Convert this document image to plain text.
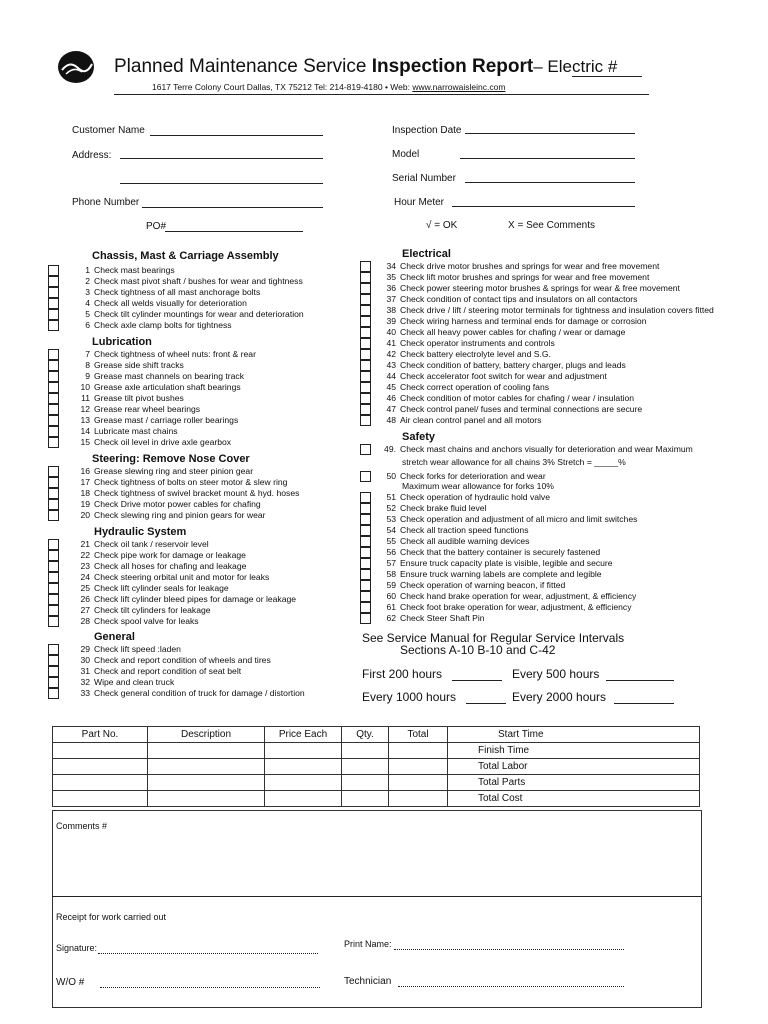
Planned Maintenance Service Inspection Report– Electric #
1617 Terre Colony Court Dallas, TX 75212 Tel: 214-819-4180 • Web: www.narrowaisleinc.com
Customer Name
Address:
Phone Number
PO#
Inspection Date
Model
Serial Number
Hour Meter
√ = OK	X = See Comments
Chassis, Mast & Carriage Assembly
Lubrication
Steering: Remove Nose Cover
Hydraulic System
General
Electrical
Safety
1 Check mast bearings
2 Check mast pivot shaft / bushes for wear and tightness
3 Check tightness of all mast anchorage bolts
4 Check all welds visually for deterioration
5 Check tilt cylinder mountings for wear and deterioration
6 Check axle clamp bolts for tightness
7 Check tightness of wheel nuts: front & rear
8 Grease side shift tracks
9 Grease mast channels on bearing track
10 Grease axle articulation shaft bearings
11 Grease tilt pivot bushes
12 Grease rear wheel bearings
13 Grease mast / carriage roller bearings
14 Lubricate mast chains
15 Check oil level in drive axle gearbox
16 Grease slewing ring and steer pinion gear
17 Check tightness of bolts on steer motor & slew ring
18 Check tightness of swivel bracket mount & hyd. hoses
19 Check Drive motor power cables for chafing
20 Check slewing ring and pinion gears for wear
21 Check oil tank / reservoir level
22 Check pipe work for damage or leakage
23 Check all hoses for chafing and leakage
24 Check steering orbital unit and motor for leaks
25 Check lift cylinder seals for leakage
26 Check lift cylinder bleed pipes for damage or leakage
27 Check tilt cylinders for leakage
28 Check spool valve for leaks
29 Check lift speed :laden
30 Check and report condition of wheels and tires
31 Check and report condition of seat belt
32 Wipe and clean truck
33 Check general condition of truck for damage / distortion
34 Check drive motor brushes and springs for wear and free movement
35 Check lift motor brushes and springs for wear and free movement
36 Check power steering motor brushes & springs for wear & free movement
37 Check condition of contact tips and insulators on all contactors
38 Check drive / lift / steering motor terminals for tightness and insulation covers fitted
39 Check wiring harness and terminal ends for damage or corrosion
40 Check all heavy power cables for chafing / wear or damage
41 Check operator instruments and controls
42 Check battery electrolyte level and S.G.
43 Check condition of battery, battery charger, plugs and leads
44 Check accelerator foot switch for wear and adjustment
45 Check correct operation of cooling fans
46 Check condition of motor cables for chafing / wear / insulation
47 Check control panel/ fuses and terminal connections are secure
48 Air clean control panel and all motors
49. Check mast chains and anchors visually for deterioration and wear Maximum
stretch wear allowance for all chains 3% Stretch = _____%
50 Check forks for deterioration and wear
Maximum wear allowance for forks 10%
51 Check operation of hydraulic hold valve
52 Check brake fluid level
53 Check operation and adjustment of all micro and limit switches
54 Check all traction speed functions
55 Check all audible warning devices
56 Check that the battery container is securely fastened
57 Ensure truck capacity plate is visible, legible and secure
58 Ensure truck warning labels are complete and legible
59 Check operation of warning beacon, if fitted
60 Check hand brake operation for wear, adjustment, & efficiency
61 Check foot brake operation for wear, adjustment, & efficiency
62 Check Steer Shaft Pin
See Service Manual for Regular Service Intervals
Sections A-10 B-10 and C-42
First 200 hours	Every 500 hours
Every 1000 hours	Every 2000 hours
Part No.	Description	Price Each	Qty.	Total	Start Time
					Finish Time
					Total Labor
					Total Parts
					Total Cost
Comments #
Receipt for work carried out
Signature:	Print Name:
W/O #	Technician
